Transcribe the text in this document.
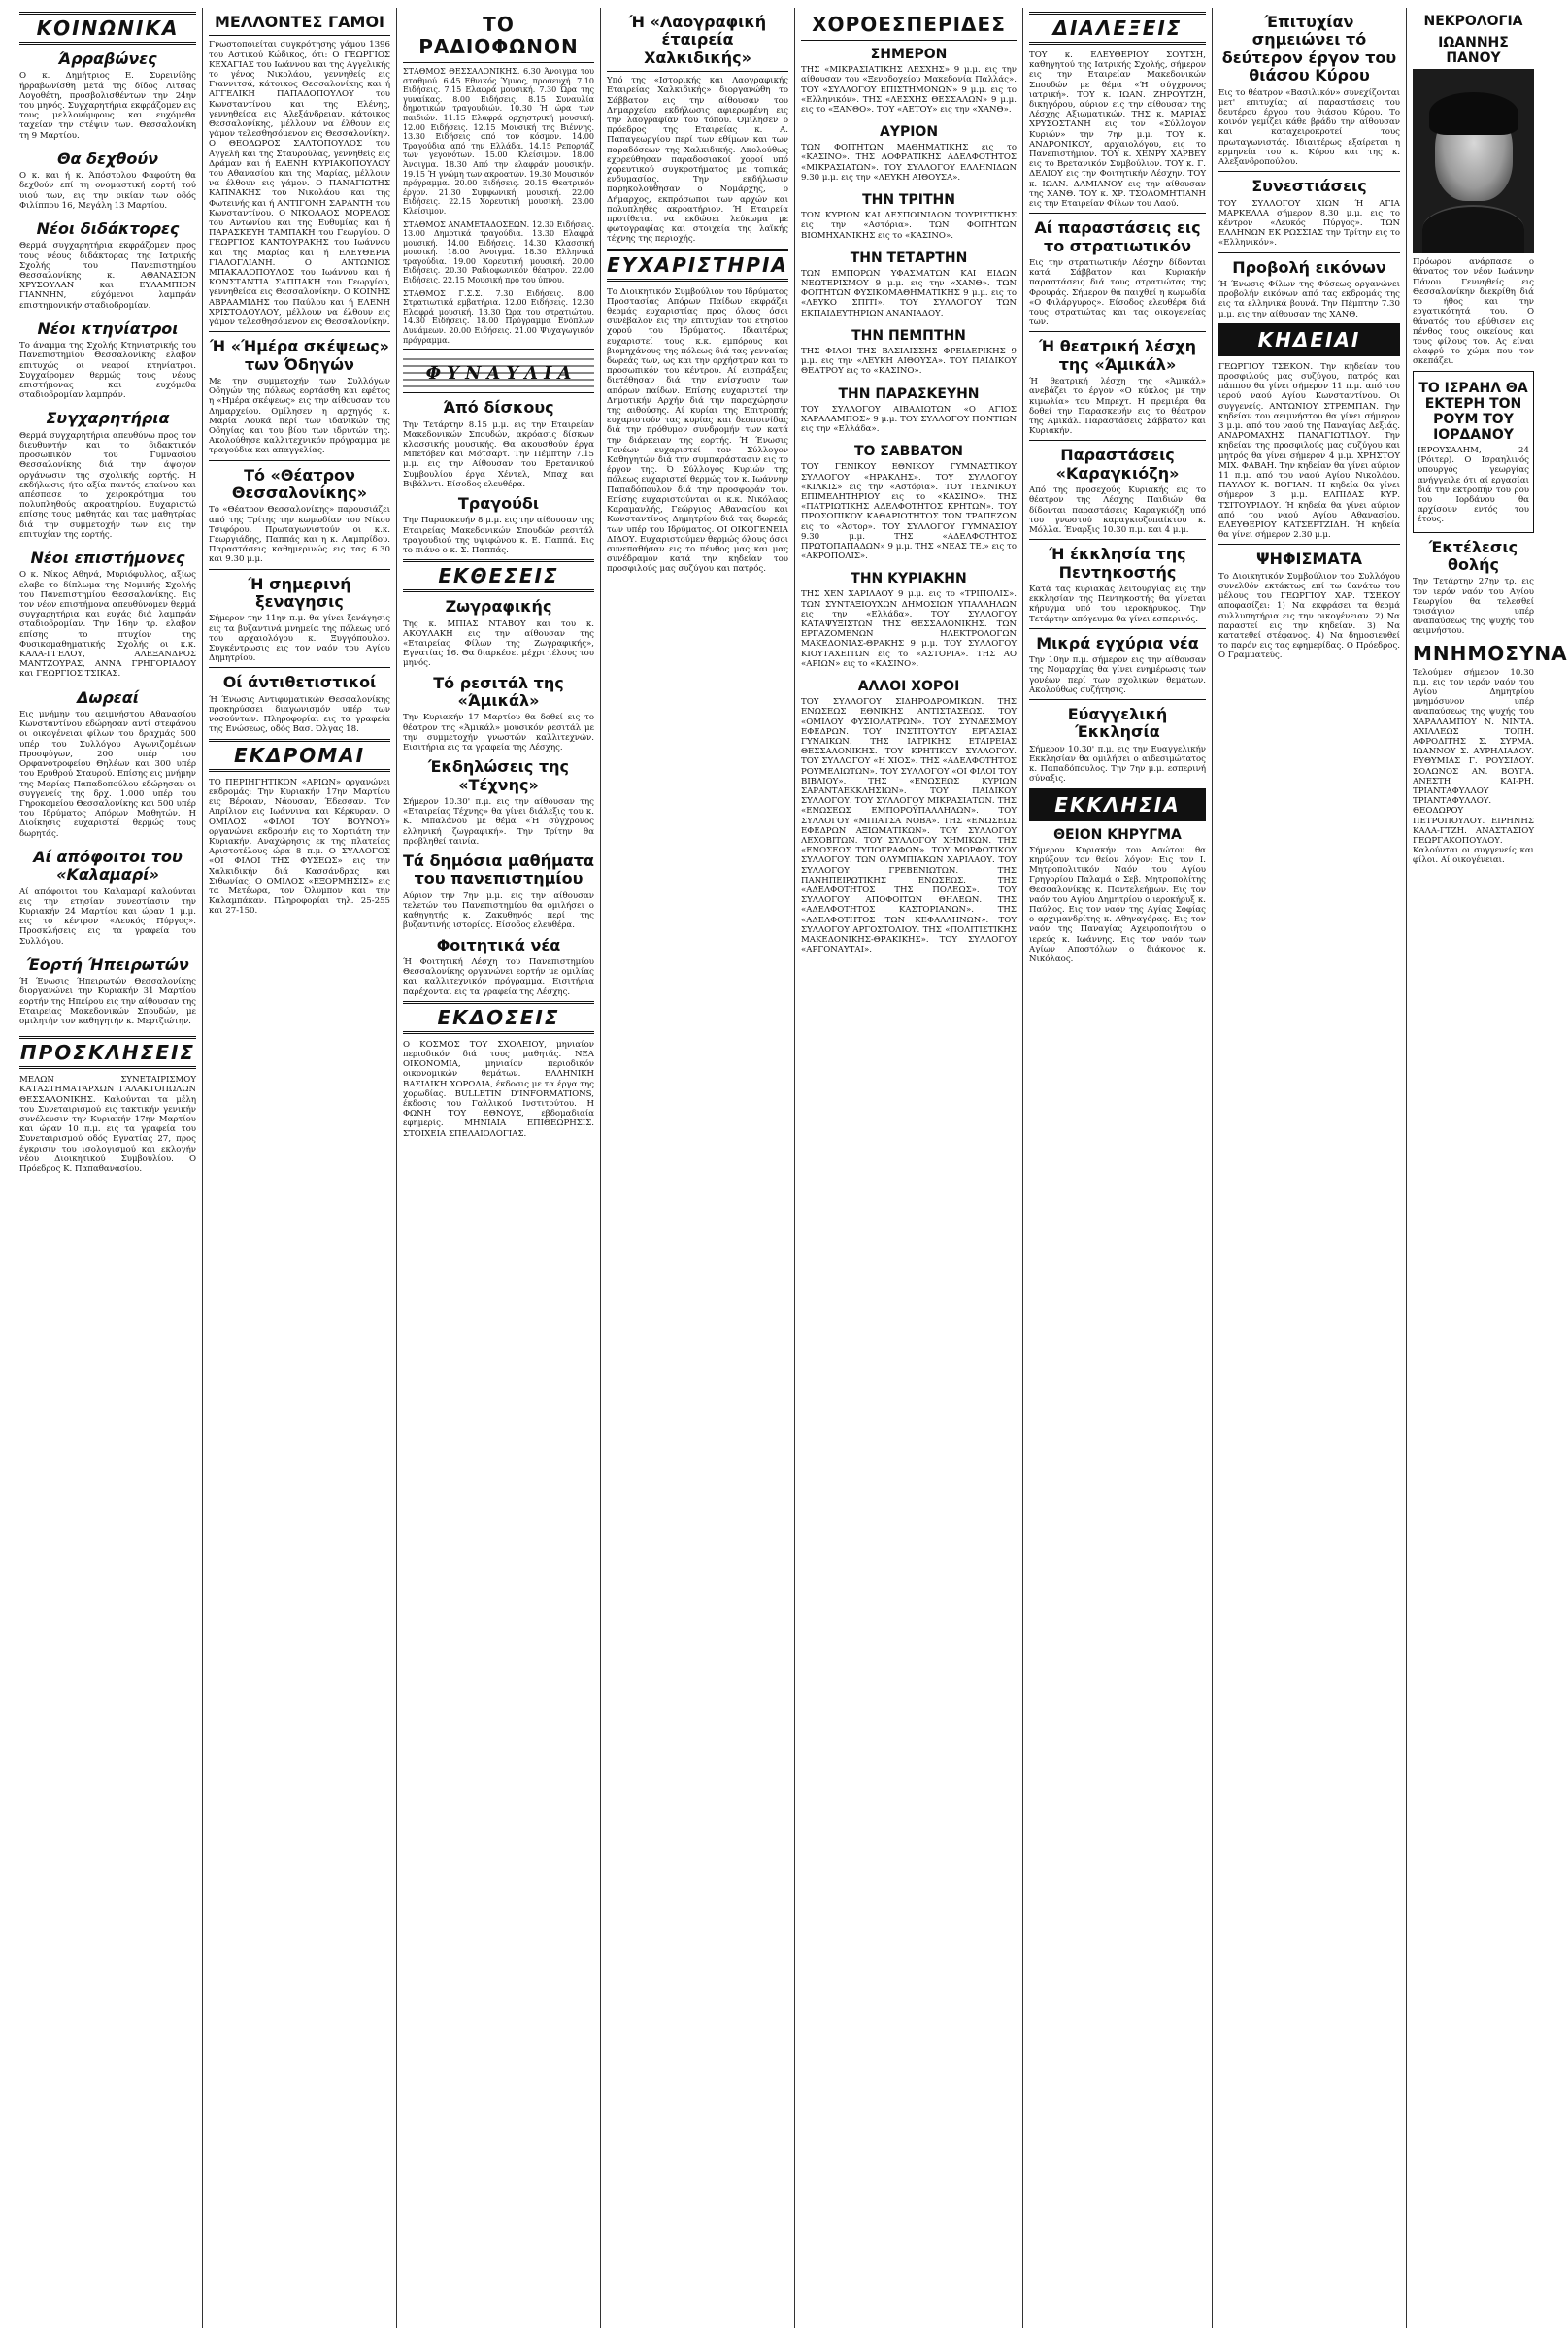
ΚΟΙΝΩΝΙΚΑ
Άρραβώνες

Ο κ. Δημήτριος Ε. Συρεινίδης ήρραβωνίσθη μετά της δίδος Λιτσας Λογοθέτη, προσβολισθέντων την 24ην του μηνός. Συγχαρητήρια εκφράζομεν εις τους μελλονύμφους και ευχόμεθα ταχείαν την στέψιν των. Θεσσαλονίκη τη 9 Μαρτίου.

Θα δεχθούν

Ο κ. και ή κ. Άπόστολου Φαφούτη θα δεχθούν επί τη ονομαστική εορτή τού υιού των, εις την οικίαν των οδός Φιλίππου 16, Μεγάλη 13 Μαρτίου.

Νέοι διδάκτορες

Θερμά συγχαρητήρια εκφράζομεν προς τους νέους διδάκτορας της Ιατρικής Σχολής του Πανεπιστημίου Θεσσαλονίκης κ. ΑΘΑΝΑΣΙΟΝ ΧΡΥΣΟΥΛΑΝ και ΕΥΛΑΜΠΙΟΝ ΓΙΑΝΝΗΝ, εύχόμενοι λαμπράν επιστημονικήν σταδιοδρομίαν.

Νέοι κτηνίατροι

Το άναμμα της Σχολής Κτηνιατρικής του Πανεπιστημίου Θεσσαλονίκης ελαβον επιτυχώς οι νεαροί κτηνίατροι. Συγχαίρομεν θερμώς τους νέους επιστήμονας και ευχόμεθα σταδιοδρομίαν λαμπράν.

Συγχαρητήρια

Θερμά συγχαρητήρια απευθύνω προς τον διευθυντήν και το διδακτικόν προσωπικόν του Γυμνασίου Θεσσαλονίκης διά την άψογον οργάνωσιν της σχολικής εορτής. Η εκδήλωσις ήτο αξία παντός επαίνου και απέσπασε το χειροκρότημα του πολυπληθούς ακροατηρίου. Ευχαριστώ επίσης τους μαθητάς και τας μαθητρίας διά την συμμετοχήν των εις την επιτυχίαν της εορτής.

Νέοι επιστήμονες

Ο κ. Νίκος Αθηνά, Μυριόφυλλος, αξίως ελαβε το δίπλωμα της Νομικής Σχολής του Πανεπιστημίου Θεσσαλονίκης. Εις τον νέον επιστήμονα απευθύνομεν θερμά συγχαρητήρια και ευχάς διά λαμπράν σταδιοδρομίαν. Την 16ην τρ. ελαβον επίσης το πτυχίον της Φυσικομαθηματικής Σχολής οι κ.κ. ΚΑΛΑ-ΓΓΕΛΟΥ, ΑΛΕΞΑΝΔΡΟΣ ΜΑΝΤΖΟΥΡΑΣ, ΑΝΝΑ ΓΡΗΓΟΡΙΑΔΟΥ και ΓΕΩΡΓΙΟΣ ΤΣΙΚΑΣ.

Δωρεαί

Εις μνήμην του αειμνήστου Αθανασίου Κωνσταντίνου εδώρησαν αντί στεφάνου οι οικογένειαι φίλων του δραχμάς 500 υπέρ του Συλλόγου Αγωνιζομένων Προσφύγων, 200 υπέρ του Ορφανοτροφείου Θηλέων και 300 υπέρ του Ερυθρού Σταυρού. Επίσης εις μνήμην της Μαρίας Παπαδοπούλου εδώρησαν οι συγγενείς της δρχ. 1.000 υπέρ του Γηροκομείου Θεσσαλονίκης και 500 υπέρ του Ιδρύματος Απόρων Μαθητών. Η Διοίκησις ευχαριστεί θερμώς τους δωρητάς.

Αί απόφοιτοι του «Καλαμαρί»

Αί απόφοιτοι του Καλαμαρί καλούνται εις την ετησίαν συνεστίασιν την Κυριακήν 24 Μαρτίου και ώραν 1 μ.μ. εις το κέντρον «Λευκός Πύργος». Προσκλήσεις εις τα γραφεία του Συλλόγου.

Έορτή Ήπειρωτών

Ή Ένωσις Ήπειρωτών Θεσσαλονίκης διοργανώνει την Κυριακήν 31 Μαρτίου εορτήν της Ηπείρου εις την αίθουσαν της Εταιρείας Μακεδονικών Σπουδών, με ομιλητήν τον καθηγητήν κ. Μερτζιώτην.

ΠΡΟΣΚΛΗΣΕΙΣ

ΜΕΛΩΝ ΣΥΝΕΤΑΙΡΙΣΜΟΥ ΚΑΤΑΣΤΗΜΑΤΑΡΧΩΝ ΓΑΛΑΚΤΟΠΩΛΩΝ ΘΕΣΣΑΛΟΝΙΚΗΣ. Καλούνται τα μέλη του Συνεταιρισμού εις τακτικήν γενικήν συνέλευσιν την Κυριακήν 17ην Μαρτίου και ώραν 10 π.μ. εις τα γραφεία του Συνεταιρισμού οδός Εγνατίας 27, προς έγκρισιν του ισολογισμού και εκλογήν νέου Διοικητικού Συμβουλίου. Ο Πρόεδρος Κ. Παπαθανασίου.

ΜΕΛΛΟΝΤΕΣ ΓΑΜΟΙ

Γνωστοποιείται συγκρότησης γάμου 1396 του Αστικού Κώδικος, ότι: Ο ΓΕΩΡΓΙΟΣ ΚΕΧΑΓΙΑΣ του Ιωάννου και της Αγγελικής το γένος Νικολάου, γεννηθείς εις Γιαννιτσά, κάτοικος Θεσσαλονίκης και ή ΑΓΓΕΛΙΚΗ ΠΑΠΑΔΟΠΟΥΛΟΥ του Κωνσταντίνου και της Ελένης, γεννηθείσα εις Αλεξάνδρειαν, κάτοικος Θεσσαλονίκης, μέλλουν να έλθουν εις γάμον τελεσθησόμενον εις Θεσσαλονίκην. Ο ΘΕΟΔΩΡΟΣ ΣΑΛΤΟΠΟΥΛΟΣ του Αγγελή και της Σταυρούλας, γεννηθείς εις Δράμαν και ή ΕΛΕΝΗ ΚΥΡΙΑΚΟΠΟΥΛΟΥ του Αθανασίου και της Μαρίας, μέλλουν να έλθουν εις γάμον. Ο ΠΑΝΑΓΙΩΤΗΣ ΚΑΠΝΑΚΗΣ του Νικολάου και της Φωτεινής και ή ΑΝΤΙΓΟΝΗ ΣΑΡΑΝΤΗ του Κωνσταντίνου. Ο ΝΙΚΟΛΑΟΣ ΜΟΡΕΛΟΣ του Αντωνίου και της Ευθυμίας και ή ΠΑΡΑΣΚΕΥΗ ΤΑΜΠΑΚΗ του Γεωργίου. Ο ΓΕΩΡΓΙΟΣ ΚΑΝΤΟΥΡΑΚΗΣ του Ιωάννου και της Μαρίας και ή ΕΛΕΥΘΕΡΙΑ ΓΙΑΛΟΓΛΙΑΝΗ. Ο ΑΝΤΩΝΙΟΣ ΜΠΑΚΑΛΟΠΟΥΛΟΣ του Ιωάννου και ή ΚΩΝΣΤΑΝΤΙΑ ΣΑΠΠΑΚΗ του Γεωργίου, γεννηθείσα εις Θεσσαλονίκην. Ο ΚΟΙΝΗΣ ΑΒΡΑΑΜΙΔΗΣ του Παύλου και ή ΕΛΕΝΗ ΧΡΙΣΤΟΔΟΥΛΟΥ, μέλλουν να έλθουν εις γάμον τελεσθησόμενον εις Θεσσαλονίκην.

Ή «Ήμέρα σκέψεως» των Όδηγών

Με την συμμετοχήν των Συλλόγων Οδηγών της πόλεως εορτάσθη και εφέτος η «Ημέρα σκέψεως» εις την αίθουσαν του Δημαρχείου. Ομίλησεν η αρχηγός κ. Μαρία Λουκά περί των ιδανικών της Οδηγίας και του βίου των ιδρυτών της. Ακολούθησε καλλιτεχνικόν πρόγραμμα με τραγούδια και απαγγελίας.

Τό «Θέατρον Θεσσαλονίκης»

Το «Θέατρον Θεσσαλονίκης» παρουσιάζει από της Τρίτης την κωμωδίαν του Νίκου Τσιφόρου. Πρωταγωνιστούν οι κ.κ. Γεωργιάδης, Παππάς και η κ. Λαμπρίδου. Παραστάσεις καθημερινώς εις τας 6.30 και 9.30 μ.μ.

Ή σημερινή ξεναγησις

Σήμερον την 11ην π.μ. θα γίνει ξενάγησις εις τα βυζαντινά μνημεία της πόλεως υπό του αρχαιολόγου κ. Ξυγγόπουλου. Συγκέντρωσις εις τον ναόν του Αγίου Δημητρίου.

Οί άντιθετιστικοί

Ή Ένωσις Αντιφυματικών Θεσσαλονίκης προκηρύσσει διαγωνισμόν υπέρ των νοσούντων. Πληροφορίαι εις τα γραφεία της Ενώσεως, οδός Βασ. Όλγας 18.

ΕΚΔΡΟΜΑΙ

ΤΟ ΠΕΡΙΗΓΗΤΙΚΟΝ «ΑΡΙΩΝ» οργανώνει εκδρομάς: Την Κυριακήν 17ην Μαρτίου εις Βέροιαν, Νάουσαν, Έδεσσαν. Τον Απρίλιον εις Ιωάννινα και Κέρκυραν. Ο ΟΜΙΛΟΣ «ΦΙΛΟΙ ΤΟΥ ΒΟΥΝΟΥ» οργανώνει εκδρομήν εις το Χορτιάτη την Κυριακήν. Αναχώρησις εκ της πλατείας Αριστοτέλους ώρα 8 π.μ. Ο ΣΥΛΛΟΓΟΣ «ΟΙ ΦΙΛΟΙ ΤΗΣ ΦΥΣΕΩΣ» εις την Χαλκιδικήν διά Κασσάνδρας και Σιθωνίας. Ο ΟΜΙΛΟΣ «ΕΞΟΡΜΗΣΙΣ» εις τα Μετέωρα, τον Όλυμπον και την Καλαμπάκαν. Πληροφορίαι τηλ. 25-255 και 27-150.

ΤΟ ΡΑΔΙΟΦΩΝΟΝ

ΣΤΑΘΜΟΣ ΘΕΣΣΑΛΟΝΙΚΗΣ. 6.30 Άνοιγμα του σταθμού. 6.45 Εθνικός Ύμνος, προσευχή. 7.10 Ειδήσεις. 7.15 Ελαφρά μουσική. 7.30 Ώρα της γυναίκας. 8.00 Ειδήσεις. 8.15 Συναυλία δημοτικών τραγουδιών. 10.30 Ή ώρα των παιδιών. 11.15 Ελαφρά ορχηστρική μουσική. 12.00 Ειδήσεις. 12.15 Μουσική της Βιέννης. 13.30 Ειδήσεις από τον κόσμον. 14.00 Τραγούδια από την Ελλάδα. 14.15 Ρεπορτάζ των γεγονότων. 15.00 Κλείσιμον. 18.00 Άνοιγμα. 18.30 Από την ελαφράν μουσικήν. 19.15 Ή γνώμη των ακροατών. 19.30 Μουσικόν πρόγραμμα. 20.00 Ειδήσεις. 20.15 Θεατρικόν έργον. 21.30 Συμφωνική μουσική. 22.00 Ειδήσεις. 22.15 Χορευτική μουσική. 23.00 Κλείσιμον.

ΣΤΑΘΜΟΣ ΑΝΑΜΕΤΑΔΟΣΕΩΝ. 12.30 Ειδήσεις. 13.00 Δημοτικά τραγούδια. 13.30 Ελαφρά μουσική. 14.00 Ειδήσεις. 14.30 Κλασσική μουσική. 18.00 Άνοιγμα. 18.30 Ελληνικά τραγούδια. 19.00 Χορευτική μουσική. 20.00 Ειδήσεις. 20.30 Ραδιοφωνικόν θέατρον. 22.00 Ειδήσεις. 22.15 Μουσική προ του ύπνου.

ΣΤΑΘΜΟΣ Γ.Σ.Σ. 7.30 Ειδήσεις. 8.00 Στρατιωτικά εμβατήρια. 12.00 Ειδήσεις. 12.30 Ελαφρά μουσική. 13.30 Ώρα του στρατιώτου. 14.30 Ειδήσεις. 18.00 Πρόγραμμα Ενόπλων Δυνάμεων. 20.00 Ειδήσεις. 21.00 Ψυχαγωγικόν πρόγραμμα.

Φ Υ Ν Α Υ Λ Ι Α
Άπό δίσκους

Την Τετάρτην 8.15 μ.μ. εις την Εταιρείαν Μακεδονικών Σπουδών, ακρόασις δίσκων κλασσικής μουσικής. Θα ακουσθούν έργα Μπετόβεν και Μότσαρτ. Την Πέμπτην 7.15 μ.μ. εις την Αίθουσαν του Βρετανικού Συμβουλίου έργα Χέντελ, Μπαχ και Βιβάλντι. Είσοδος ελευθέρα.

Τραγούδι

Την Παρασκευήν 8 μ.μ. εις την αίθουσαν της Εταιρείας Μακεδονικών Σπουδών ρεσιτάλ τραγουδιού της υψιφώνου κ. Ε. Παππά. Εις το πιάνο ο κ. Σ. Παππάς.

ΕΚΘΕΣΕΙΣ
Ζωγραφικής

Της κ. ΜΠΙΑΣ ΝΤΑΒΟΥ και του κ. ΑΚΟΥΛΑΚΗ εις την αίθουσαν της «Εταιρείας Φίλων της Ζωγραφικής», Εγνατίας 16. Θα διαρκέσει μέχρι τέλους του μηνός.

Τό ρεσιτάλ της «Άμικάλ»

Την Κυριακήν 17 Μαρτίου θα δοθεί εις το θέατρον της «Άμικάλ» μουσικόν ρεσιτάλ με την συμμετοχήν γνωστών καλλιτεχνών. Εισιτήρια εις τα γραφεία της Λέσχης.

Έκδηλώσεις της «Τέχνης»

Σήμερον 10.30' π.μ. εις την αίθουσαν της «Εταιρείας Τέχνης» θα γίνει διάλεξις του κ. Κ. Μπαλάνου με θέμα «Ή σύγχρονος ελληνική ζωγραφική». Την Τρίτην θα προβληθεί ταινία.

Τά δημόσια μαθήματα του πανεπιστημίου

Αύριον την 7ην μ.μ. εις την αίθουσαν τελετών του Πανεπιστημίου θα ομιλήσει ο καθηγητής κ. Ζακυθηνός περί της βυζαντινής ιστορίας. Είσοδος ελευθέρα.

Φοιτητικά νέα

Ή Φοιτητική Λέσχη του Πανεπιστημίου Θεσσαλονίκης οργανώνει εορτήν με ομιλίας και καλλιτεχνικόν πρόγραμμα. Εισιτήρια παρέχονται εις τα γραφεία της Λέσχης.

ΕΚΔΟΣΕΙΣ

Ο ΚΟΣΜΟΣ ΤΟΥ ΣΧΟΛΕΙΟΥ, μηνιαίον περιοδικόν διά τους μαθητάς. ΝΕΑ ΟΙΚΟΝΟΜΙΑ, μηνιαίον περιοδικόν οικονομικών θεμάτων. ΕΛΛΗΝΙΚΗ ΒΑΣΙΛΙΚΗ ΧΟΡΩΔΙΑ, έκδοσις με τα έργα της χορωδίας. ΒULLETIN D'INFORMATIONS, έκδοσις του Γαλλικού Ινστιτούτου. Η ΦΩΝΗ ΤΟΥ ΕΘΝΟΥΣ, εβδομαδιαία εφημερίς. ΜΗΝΙΑΙΑ ΕΠΙΘΕΩΡΗΣΙΣ. ΣΤΟΙΧΕΙΑ ΣΠΕΛΑΙΟΛΟΓΙΑΣ.

Ή «Λαογραφική έταιρεία Χαλκιδικής»

Υπό της «Ιστορικής και Λαογραφικής Εταιρείας Χαλκιδικής» διοργανώθη το Σάββατον εις την αίθουσαν του Δημαρχείου εκδήλωσις αφιερωμένη εις την λαογραφίαν του τόπου. Ομίλησεν ο πρόεδρος της Εταιρείας κ. Α. Παπαγεωργίου περί των εθίμων και των παραδόσεων της Χαλκιδικής. Ακολούθως εχορεύθησαν παραδοσιακοί χοροί υπό χορευτικού συγκροτήματος με τοπικάς ενδυμασίας. Την εκδήλωσιν παρηκολούθησαν ο Νομάρχης, ο Δήμαρχος, εκπρόσωποι των αρχών και πολυπληθές ακροατήριον. Ή Εταιρεία προτίθεται να εκδώσει λεύκωμα με φωτογραφίας και στοιχεία της λαϊκής τέχνης της περιοχής.

ΕΥΧΑΡΙΣΤΗΡΙΑ

Το Διοικητικόν Συμβούλιον του Ιδρύματος Προστασίας Απόρων Παίδων εκφράζει θερμάς ευχαριστίας προς όλους όσοι συνέβαλον εις την επιτυχίαν του ετησίου χορού του Ιδρύματος. Ιδιαιτέρως ευχαριστεί τους κ.κ. εμπόρους και βιομηχάνους της πόλεως διά τας γενναίας δωρεάς των, ως και την ορχήστραν και το προσωπικόν του κέντρου. Αί εισπράξεις διετέθησαν διά την ενίσχυσιν των απόρων παίδων. Επίσης ευχαριστεί την Δημοτικήν Αρχήν διά την παραχώρησιν της αιθούσης. Αί κυρίαι της Επιτροπής ευχαριστούν τας κυρίας και δεσποινίδας διά την πρόθυμον συνδρομήν των κατά την διάρκειαν της εορτής. Ή Ένωσις Γονέων ευχαριστεί τον Σύλλογον Καθηγητών διά την συμπαράστασιν εις το έργον της. Ό Σύλλογος Κυριών της πόλεως ευχαριστεί θερμώς τον κ. Ιωάννην Παπαδόπουλον διά την προσφοράν του. Επίσης ευχαριστούνται οι κ.κ. Νικόλαος Καραμανλής, Γεώργιος Αθανασίου και Κωνσταντίνος Δημητρίου διά τας δωρεάς των υπέρ του Ιδρύματος. ΟΙ ΟΙΚΟΓΕΝΕΙΑ ΔΙΔΟΥ. Ευχαριστούμεν θερμώς όλους όσοι συνεπαθήσαν εις το πένθος μας και μας συνέδραμον κατά την κηδείαν του προσφιλούς μας συζύγου και πατρός.

ΧΟΡΟΕΣΠΕΡΙΔΕΣ
ΣΗΜΕΡΟΝ

ΤΗΣ «ΜΙΚΡΑΣΙΑΤΙΚΗΣ ΛΕΣΧΗΣ» 9 μ.μ. εις την αίθουσαν του «Ξενοδοχείου Μακεδονία Παλλάς». ΤΟΥ «ΣΥΛΛΟΓΟΥ ΕΠΙΣΤΗΜΟΝΩΝ» 9 μ.μ. εις το «Ελληνικόν». ΤΗΣ «ΛΕΣΧΗΣ ΘΕΣΣΑΛΩΝ» 9 μ.μ. εις το «ΞΑΝΘΟ». ΤΟΥ «ΑΕΤΟΥ» εις την «ΧΑΝΘ».

ΑΥΡΙΟΝ

ΤΩΝ ΦΟΙΤΗΤΩΝ ΜΑΘΗΜΑΤΙΚΗΣ εις το «ΚΑΣΙΝΟ». ΤΗΣ ΛΟΦΡΑΤΙΚΗΣ ΑΔΕΛΦΟΤΗΤΟΣ «ΜΙΚΡΑΣΙΑΤΩΝ». ΤΟΥ ΣΥΛΛΟΓΟΥ ΕΛΛΗΝΙΔΩΝ 9.30 μ.μ. εις την «ΛΕΥΚΗ ΑΙΘΟΥΣΑ».

ΤΗΝ ΤΡΙΤΗΝ

ΤΩΝ ΚΥΡΙΩΝ ΚΑΙ ΔΕΣΠΟΙΝΙΔΩΝ ΤΟΥΡΙΣΤΙΚΗΣ εις την «Αστόρια». ΤΩΝ ΦΟΙΤΗΤΩΝ ΒΙΟΜΗΧΑΝΙΚΗΣ εις το «ΚΑΣΙΝΟ».

ΤΗΝ ΤΕΤΑΡΤΗΝ

ΤΩΝ ΕΜΠΟΡΩΝ ΥΦΑΣΜΑΤΩΝ ΚΑΙ ΕΙΔΩΝ ΝΕΩΤΕΡΙΣΜΟΥ 9 μ.μ. εις την «ΧΑΝΘ». ΤΩΝ ΦΟΙΤΗΤΩΝ ΦΥΣΙΚΟΜΑΘΗΜΑΤΙΚΗΣ 9 μ.μ. εις το «ΛΕΥΚΟ ΣΠΙΤΙ». ΤΟΥ ΣΥΛΛΟΓΟΥ ΤΩΝ ΕΚΠΑΙΔΕΥΤΗΡΙΩΝ ΑΝΑΝΙΑΔΟΥ.

ΤΗΝ ΠΕΜΠΤΗΝ

ΤΗΣ ΦΙΛΟΙ ΤΗΣ ΒΑΣΙΛΙΣΣΗΣ ΦΡΕΙΔΕΡΙΚΗΣ 9 μ.μ. εις την «ΛΕΥΚΗ ΑΙΘΟΥΣΑ». ΤΟΥ ΠΑΙΔΙΚΟΥ ΘΕΑΤΡΟΥ εις το «ΚΑΣΙΝΟ».

ΤΗΝ ΠΑΡΑΣΚΕΥΗΝ

ΤΟΥ ΣΥΛΛΟΓΟΥ ΑΙΒΑΛΙΩΤΩΝ «Ο ΑΓΙΟΣ ΧΑΡΑΛΑΜΠΟΣ» 9 μ.μ. ΤΟΥ ΣΥΛΛΟΓΟΥ ΠΟΝΤΙΩΝ εις την «Ελλάδα».

ΤΟ ΣΑΒΒΑΤΟΝ

ΤΟΥ ΓΕΝΙΚΟΥ ΕΘΝΙΚΟΥ ΓΥΜΝΑΣΤΙΚΟΥ ΣΥΛΛΟΓΟΥ «ΗΡΑΚΛΗΣ». ΤΟΥ ΣΥΛΛΟΓΟΥ «ΚΙΛΚΙΣ» εις την «Αστόρια». ΤΟΥ ΤΕΧΝΙΚΟΥ ΕΠΙΜΕΛΗΤΗΡΙΟΥ εις το «ΚΑΣΙΝΟ». ΤΗΣ «ΠΑΤΡΙΩΤΙΚΗΣ ΑΔΕΛΦΟΤΗΤΟΣ ΚΡΗΤΩΝ». ΤΟΥ ΠΡΟΣΩΠΙΚΟΥ ΚΑΘΑΡΙΟΤΗΤΟΣ ΤΩΝ ΤΡΑΠΕΖΩΝ εις το «Άστορ». ΤΟΥ ΣΥΛΛΟΓΟΥ ΓΥΜΝΑΣΙΟΥ 9.30 μ.μ. ΤΗΣ «ΑΔΕΛΦΟΤΗΤΟΣ ΠΡΩΤΟΠΑΠΑΔΩΝ» 9 μ.μ. ΤΗΣ «ΝΕΑΣ ΤΕ.» εις το «ΑΚΡΟΠΟΛΙΣ».

ΤΗΝ ΚΥΡΙΑΚΗΝ

ΤΗΣ ΧΕΝ ΧΑΡΙΛΑΟΥ 9 μ.μ. εις το «ΤΡΙΠΟΛΙΣ». ΤΩΝ ΣΥΝΤΑΞΙΟΥΧΩΝ ΔΗΜΟΣΙΩΝ ΥΠΑΛΛΗΛΩΝ εις την «Ελλάδα». ΤΟΥ ΣΥΛΛΟΓΟΥ ΚΑΤΑΨΥΞΙΣΤΩΝ ΤΗΣ ΘΕΣΣΑΛΟΝΙΚΗΣ. ΤΩΝ ΕΡΓΑΖΟΜΕΝΩΝ ΗΛΕΚΤΡΟΛΟΓΩΝ ΜΑΚΕΔΟΝΙΑΣ-ΘΡΑΚΗΣ 9 μ.μ. ΤΟΥ ΣΥΛΛΟΓΟΥ ΚΙΟΥΤΑΧΕΙΤΩΝ εις το «ΑΣΤΟΡΙΑ». ΤΗΣ ΑΟ «ΑΡΙΩΝ» εις το «ΚΑΣΙΝΟ».

ΑΛΛΟΙ ΧΟΡΟΙ

ΤΟΥ ΣΥΛΛΟΓΟΥ ΣΙΔΗΡΟΔΡΟΜΙΚΩΝ. ΤΗΣ ΕΝΩΣΕΩΣ ΕΘΝΙΚΗΣ ΑΝΤΙΣΤΑΣΕΩΣ. ΤΟΥ «ΟΜΙΛΟΥ ΦΥΣΙΟΛΑΤΡΩΝ». ΤΟΥ ΣΥΝΔΕΣΜΟΥ ΕΦΕΔΡΩΝ. ΤΟΥ ΙΝΣΤΙΤΟΥΤΟΥ ΕΡΓΑΣΙΑΣ ΓΥΝΑΙΚΩΝ. ΤΗΣ ΙΑΤΡΙΚΗΣ ΕΤΑΙΡΕΙΑΣ ΘΕΣΣΑΛΟΝΙΚΗΣ. ΤΟΥ ΚΡΗΤΙΚΟΥ ΣΥΛΛΟΓΟΥ. ΤΟΥ ΣΥΛΛΟΓΟΥ «Η ΧΙΟΣ». ΤΗΣ «ΑΔΕΛΦΟΤΗΤΟΣ ΡΟΥΜΕΛΙΩΤΩΝ». ΤΟΥ ΣΥΛΛΟΓΟΥ «ΟΙ ΦΙΛΟΙ ΤΟΥ ΒΙΒΛΙΟΥ». ΤΗΣ «ΕΝΩΣΕΩΣ ΚΥΡΙΩΝ ΣΑΡΑΝΤΑΕΚΚΛΗΣΙΩΝ». ΤΟΥ ΠΑΙΔΙΚΟΥ ΣΥΛΛΟΓΟΥ. ΤΟΥ ΣΥΛΛΟΓΟΥ ΜΙΚΡΑΣΙΑΤΩΝ. ΤΗΣ «ΕΝΩΣΕΩΣ ΕΜΠΟΡΟΫΠΑΛΛΗΛΩΝ». ΤΟΥ ΣΥΛΛΟΓΟΥ «ΜΠΙΑΤΣΑ ΝΟΒΑ». ΤΗΣ «ΕΝΩΣΕΩΣ ΕΦΕΔΡΩΝ ΑΞΙΩΜΑΤΙΚΩΝ». ΤΟΥ ΣΥΛΛΟΓΟΥ ΛΕΧΟΒΙΤΩΝ. ΤΟΥ ΣΥΛΛΟΓΟΥ ΧΗΜΙΚΩΝ. ΤΗΣ «ΕΝΩΣΕΩΣ ΤΥΠΟΓΡΑΦΩΝ». ΤΟΥ ΜΟΡΦΩΤΙΚΟΥ ΣΥΛΛΟΓΟΥ. ΤΩΝ ΟΛΥΜΠΙΑΚΩΝ ΧΑΡΙΛΑΟΥ. ΤΟΥ ΣΥΛΛΟΓΟΥ ΓΡΕΒΕΝΙΩΤΩΝ. ΤΗΣ ΠΑΝΗΠΕΙΡΩΤΙΚΗΣ ΕΝΩΣΕΩΣ. ΤΗΣ «ΑΔΕΛΦΟΤΗΤΟΣ ΤΗΣ ΠΟΛΕΩΣ». ΤΟΥ ΣΥΛΛΟΓΟΥ ΑΠΟΦΟΙΤΩΝ ΘΗΛΕΩΝ. ΤΗΣ «ΑΔΕΛΦΟΤΗΤΟΣ ΚΑΣΤΟΡΙΑΝΩΝ». ΤΗΣ «ΑΔΕΛΦΟΤΗΤΟΣ ΤΩΝ ΚΕΦΑΛΛΗΝΩΝ». ΤΟΥ ΣΥΛΛΟΓΟΥ ΑΡΓΟΣΤΟΛΙΟΥ. ΤΗΣ «ΠΟΛΙΤΙΣΤΙΚΗΣ ΜΑΚΕΔΟΝΙΚΗΣ-ΘΡΑΚΙΚΗΣ». ΤΟΥ ΣΥΛΛΟΓΟΥ «ΑΡΓΟΝΑΥΤΑΙ».

ΔΙΑΛΕΞΕΙΣ

ΤΟΥ κ. ΕΛΕΥΘΕΡΙΟΥ ΣΟΥΤΣΗ, καθηγητού της Ιατρικής Σχολής, σήμερον εις την Εταιρείαν Μακεδονικών Σπουδών με θέμα «Ή σύγχρονος ιατρική». ΤΟΥ κ. ΙΩΑΝ. ΖΗΡΟΥΤΖΗ, δικηγόρου, αύριον εις την αίθουσαν της Λέσχης Αξιωματικών. ΤΗΣ κ. ΜΑΡΙΑΣ ΧΡΥΣΟΣΤΑΝΗ εις τον «Σύλλογον Κυριών» την 7ην μ.μ. ΤΟΥ κ. ΑΝΔΡΟΝΙΚΟΥ, αρχαιολόγου, εις το Πανεπιστήμιον. ΤΟΥ κ. ΧΕΝΡΥ ΧΑΡΒΕΥ εις το Βρετανικόν Συμβούλιον. ΤΟΥ κ. Γ. ΔΕΛΙΟΥ εις την Φοιτητικήν Λέσχην. ΤΟΥ κ. ΙΩΑΝ. ΔΑΜΙΑΝΟΥ εις την αίθουσαν της ΧΑΝΘ. ΤΟΥ κ. ΧΡ. ΤΣΟΛΟΜΗΤΙΑΝΗ εις την Εταιρείαν Φίλων του Λαού.

Αί παραστάσεις εις το στρατιωτικόν

Εις την στρατιωτικήν Λέσχην δίδονται κατά Σάββατον και Κυριακήν παραστάσεις διά τους στρατιώτας της Φρουράς. Σήμερον θα παιχθεί η κωμωδία «Ο Φιλάργυρος». Είσοδος ελευθέρα διά τους στρατιώτας και τας οικογενείας των.

Ή θεατρική λέσχη της «Άμικάλ»

Ή θεατρική λέσχη της «Άμικάλ» ανεβάζει το έργον «Ο κύκλος με την κιμωλία» του Μπρεχτ. Η πρεμιέρα θα δοθεί την Παρασκευήν εις το θέατρον της Αμικάλ. Παραστάσεις Σάββατον και Κυριακήν.

Παραστάσεις «Καραγκιόζη»

Από της προσεχούς Κυριακής εις το θέατρον της Λέσχης Παιδιών θα δίδονται παραστάσεις Καραγκιόζη υπό του γνωστού καραγκιοζοπαίκτου κ. Μόλλα. Έναρξις 10.30 π.μ. και 4 μ.μ.

Ή έκκλησία της Πεντηκοστής

Κατά τας κυριακάς λειτουργίας εις την εκκλησίαν της Πεντηκοστής θα γίνεται κήρυγμα υπό του ιεροκήρυκος. Την Τετάρτην απόγευμα θα γίνει εσπερινός.

Μικρά εγχύρια νέα

Την 10ην π.μ. σήμερον εις την αίθουσαν της Νομαρχίας θα γίνει ενημέρωσις των γονέων περί των σχολικών θεμάτων. Ακολούθως συζήτησις.

Εύαγγελική Έκκλησία

Σήμερον 10.30' π.μ. εις την Ευαγγελικήν Εκκλησίαν θα ομιλήσει ο αιδεσιμώτατος κ. Παπαδόπουλος. Την 7ην μ.μ. εσπερινή σύναξις.

ΕΚΚΛΗΣΙΑ
ΘΕΙΟΝ ΚΗΡΥΓΜΑ

Σήμερον Κυριακήν του Ασώτου θα κηρύξουν τον θείον λόγον: Εις τον Ι. Μητροπολιτικόν Ναόν του Αγίου Γρηγορίου Παλαμά ο Σεβ. Μητροπολίτης Θεσσαλονίκης κ. Παντελεήμων. Εις τον ναόν του Αγίου Δημητρίου ο ιεροκήρυξ κ. Παύλος. Εις τον ναόν της Αγίας Σοφίας ο αρχιμανδρίτης κ. Αθηναγόρας. Εις τον ναόν της Παναγίας Αχειροποιήτου ο ιερεύς κ. Ιωάννης. Εις τον ναόν των Αγίων Αποστόλων ο διάκονος κ. Νικόλαος.

Έπιτυχίαν σημειώνει τό δεύτερον έργον του θιάσου Κύρου

Εις το θέατρον «Βασιλικόν» συνεχίζονται μετ' επιτυχίας αί παραστάσεις του δευτέρου έργου του θιάσου Κύρου. Το κοινόν γεμίζει κάθε βράδυ την αίθουσαν και καταχειροκροτεί τους πρωταγωνιστάς. Ιδιαιτέρως εξαίρεται η ερμηνεία του κ. Κύρου και της κ. Αλεξανδροπούλου.

Συνεστιάσεις

ΤΟΥ ΣΥΛΛΟΓΟΥ ΧΙΩΝ Ή ΑΓΙΑ ΜΑΡΚΕΛΛΑ σήμερον 8.30 μ.μ. εις το κέντρον «Λευκός Πύργος». ΤΩΝ ΕΛΛΗΝΩΝ ΕΚ ΡΩΣΣΙΑΣ την Τρίτην εις το «Ελληνικόν».

Προβολή εικόνων

Ή Ένωσις Φίλων της Φύσεως οργανώνει προβολήν εικόνων από τας εκδρομάς της εις τα ελληνικά βουνά. Την Πέμπτην 7.30 μ.μ. εις την αίθουσαν της ΧΑΝΘ.

ΚΗΔΕΙΑΙ

ΓΕΩΡΓΙΟΥ ΤΣΕΚΟΝ. Την κηδείαν του προσφιλούς μας συζύγου, πατρός και πάππου θα γίνει σήμερον 11 π.μ. από του ιερού ναού Αγίου Κωνσταντίνου. Οι συγγενείς. ΑΝΤΩΝΙΟΥ ΣΤΡΕΜΠΑΝ. Την κηδείαν του αειμνήστου θα γίνει σήμερον 3 μ.μ. από του ναού της Παναγίας Δεξιάς. ΑΝΔΡΟΜΑΧΗΣ ΠΑΝΑΓΙΩΤΙΔΟΥ. Την κηδείαν της προσφιλούς μας συζύγου και μητρός θα γίνει σήμερον 4 μ.μ. ΧΡΗΣΤΟΥ ΜΙΧ. ΦΑΒΑΗ. Την κηδείαν θα γίνει αύριον 11 π.μ. από του ναού Αγίου Νικολάου. ΠΑΥΛΟΥ Κ. ΒΟΓΙΑΝ. Ή κηδεία θα γίνει σήμερον 3 μ.μ. ΕΛΠΙΔΑΣ ΚΥΡ. ΤΣΙΤΟΥΡΙΔΟΥ. Ή κηδεία θα γίνει αύριον από του ναού Αγίου Αθανασίου. ΕΛΕΥΘΕΡΙΟΥ ΚΑΤΣΕΡΤΖΙΔΗ. Ή κηδεία θα γίνει σήμερον 2.30 μ.μ.

ΨΗΦΙΣΜΑΤΑ

Το Διοικητικόν Συμβούλιον του Συλλόγου συνελθόν εκτάκτως επί τω θανάτω του μέλους του ΓΕΩΡΓΙΟΥ ΧΑΡ. ΤΣΕΚΟΥ αποφασίζει: 1) Να εκφράσει τα θερμά συλλυπητήρια εις την οικογένειαν. 2) Να παραστεί εις την κηδείαν. 3) Να κατατεθεί στέφανος. 4) Να δημοσιευθεί το παρόν εις τας εφημερίδας. Ο Πρόεδρος. Ο Γραμματεύς.

ΝΕΚΡΟΛΟΓΙΑ
ΙΩΑΝΝΗΣ ΠΑΝΟΥ

Πρόωρον ανάρπασε ο θάνατος τον νέον Ιωάννην Πάνου. Γεννηθείς εις Θεσσαλονίκην διεκρίθη διά το ήθος και την εργατικότητά του. Ο θάνατός του εβύθισεν εις πένθος τους οικείους και τους φίλους του. Ας είναι ελαφρύ το χώμα που τον σκεπάζει.

ΤΟ ΙΣΡΑΗΛ ΘΑ ΕΚΤΕΡΗ ΤΟΝ ΡΟΥΜ ΤΟΥ ΙΟΡΔΑΝΟΥ

ΙΕΡΟΥΣΑΛΗΜ, 24 (Ρόιτερ). Ο Ισραηλινός υπουργός γεωργίας ανήγγειλε ότι αί εργασίαι διά την εκτροπήν του ρου του Ιορδάνου θα αρχίσουν εντός του έτους.

Έκτέλεσις θολής

Την Τετάρτην 27ην τρ. εις τον ιερόν ναόν του Αγίου Γεωργίου θα τελεσθεί τρισάγιον υπέρ αναπαύσεως της ψυχής του αειμνήστου.

ΜΝΗΜΟΣΥΝΑ

Τελούμεν σήμερον 10.30 π.μ. εις τον ιερόν ναόν του Αγίου Δημητρίου μνημόσυνον υπέρ αναπαύσεως της ψυχής του ΧΑΡΑΛΑΜΠΟΥ Ν. ΝΙΝΤΑ. ΑΧΙΛΛΕΩΣ ΤΟΠΗ. ΑΦΡΟΔΙΤΗΣ Σ. ΣΥΡΜΑ. ΙΩΑΝΝΟΥ Σ. ΑΥΡΗΛΙΑΔΟΥ. ΕΥΘΥΜΙΑΣ Γ. ΡΟΥΣΙΔΟΥ. ΣΟΛΩΝΟΣ ΑΝ. ΒΟΥΓΑ. ΑΝΕΣΤΗ ΚΑΙ-ΡΗ. ΤΡΙΑΝΤΑΦΥΛΛΟΥ ΤΡΙΑΝΤΑΦΥΛΛΟΥ. ΘΕΟΔΩΡΟΥ ΠΕΤΡΟΠΟΥΛΟΥ. ΕΙΡΗΝΗΣ ΚΑΛΑ-ΓΤΖΗ. ΑΝΑΣΤΑΣΙΟΥ ΓΕΩΡΓΑΚΟΠΟΥΛΟΥ. Καλούνται οι συγγενείς και φίλοι. Αί οικογένειαι.
